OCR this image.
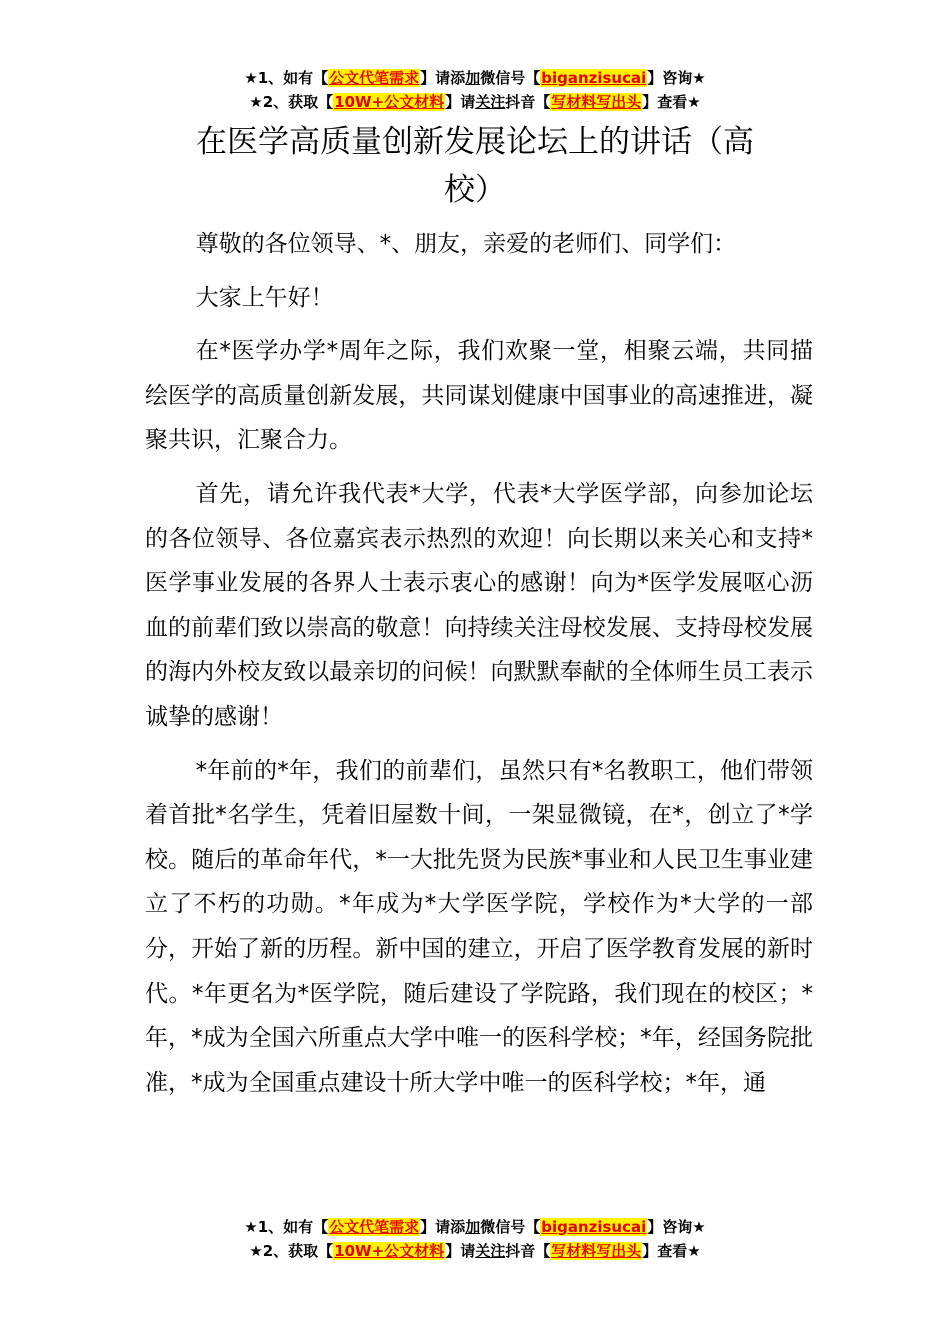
★1、如有【公文代笔需求】请添加微信号【biganzisucai】咨询★
★2、获取【10W+公文材料】请关注抖音【写材料写出头】查看★
在医学高质量创新发展论坛上的讲话（高
校）

尊敬的各位领导、*、朋友，亲爱的老师们、同学们：

大家上午好！

在*医学办学*周年之际，我们欢聚一堂，相聚云端，共同描绘医学的高质量创新发展，共同谋划健康中国事业的高速推进，凝聚共识，汇聚合力。

首先，请允许我代表*大学，代表*大学医学部，向参加论坛的各位领导、各位嘉宾表示热烈的欢迎！向长期以来关心和支持*医学事业发展的各界人士表示衷心的感谢！向为*医学发展呕心沥血的前辈们致以崇高的敬意！向持续关注母校发展、支持母校发展的海内外校友致以最亲切的问候！向默默奉献的全体师生员工表示诚挚的感谢！

*年前的*年，我们的前辈们，虽然只有*名教职工，他们带领着首批*名学生，凭着旧屋数十间，一架显微镜，在*，创立了*学校。随后的革命年代，*一大批先贤为民族*事业和人民卫生事业建立了不朽的功勋。*年成为*大学医学院，学校作为*大学的一部分，开始了新的历程。新中国的建立，开启了医学教育发展的新时代。*年更名为*医学院，随后建设了学院路，我们现在的校区；*年，*成为全国六所重点大学中唯一的医科学校；*年，经国务院批准，*成为全国重点建设十所大学中唯一的医科学校；*年，通

★1、如有【公文代笔需求】请添加微信号【biganzisucai】咨询★
★2、获取【10W+公文材料】请关注抖音【写材料写出头】查看★
